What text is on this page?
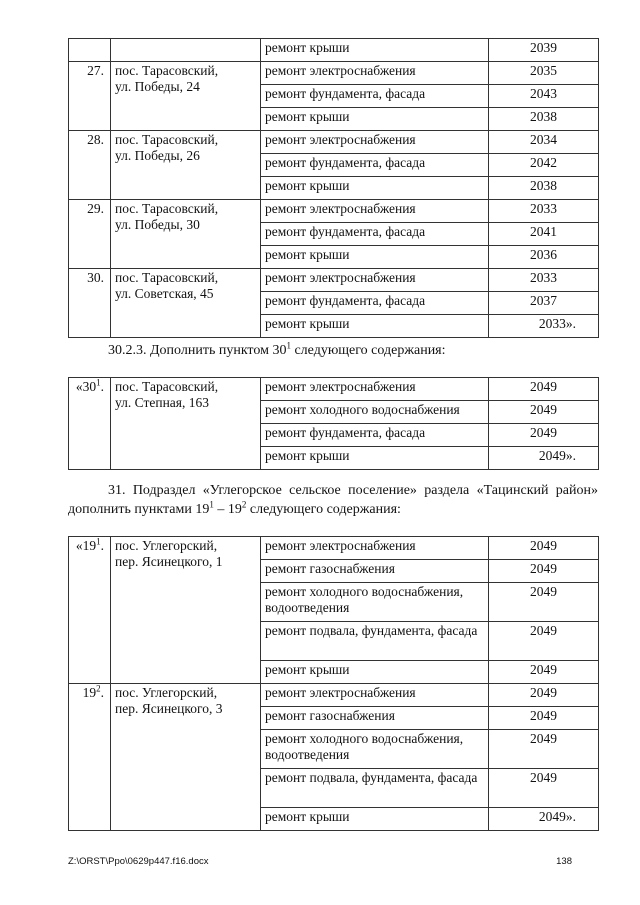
		ремонт крыши	2039
27.	пос. Тарасовский,
ул. Победы, 24	ремонт электроснабжения	2035
		ремонт фундамента, фасада	2043
		ремонт крыши	2038
28.	пос. Тарасовский,
ул. Победы, 26	ремонт электроснабжения	2034
		ремонт фундамента, фасада	2042
		ремонт крыши	2038
29.	пос. Тарасовский,
ул. Победы, 30	ремонт электроснабжения	2033
		ремонт фундамента, фасада	2041
		ремонт крыши	2036
30.	пос. Тарасовский,
ул. Советская, 45	ремонт электроснабжения	2033
		ремонт фундамента, фасада	2037
		ремонт крыши	2033».
30.2.3. Дополнить пунктом $30^1$ следующего содержания:
«$30^1$.	пос. Тарасовский,
ул. Степная, 163	ремонт электроснабжения	2049
		ремонт холодного водоснабжения	2049
		ремонт фундамента, фасада	2049
		ремонт крыши	2049».
31. Подраздел «Углегорское сельское поселение» раздела «Тацинский район» дополнить пунктами $19^1 - 19^2$ следующего содержания:
«$19^1$.	пос. Углегорский,
пер. Ясинецкого, 1	ремонт электроснабжения	2049
		ремонт газоснабжения	2049
		ремонт холодного водоснабжения, водоотведения	2049
		ремонт подвала, фундамента, фасада	2049
		ремонт крыши	2049
$19^2$.	пос. Углегорский,
пер. Ясинецкого, 3	ремонт электроснабжения	2049
		ремонт газоснабжения	2049
		ремонт холодного водоснабжения, водоотведения	2049
		ремонт подвала, фундамента, фасада	2049
		ремонт крыши	2049».
Z:\ORST\Ppo\0629p447.f16.docx	138
